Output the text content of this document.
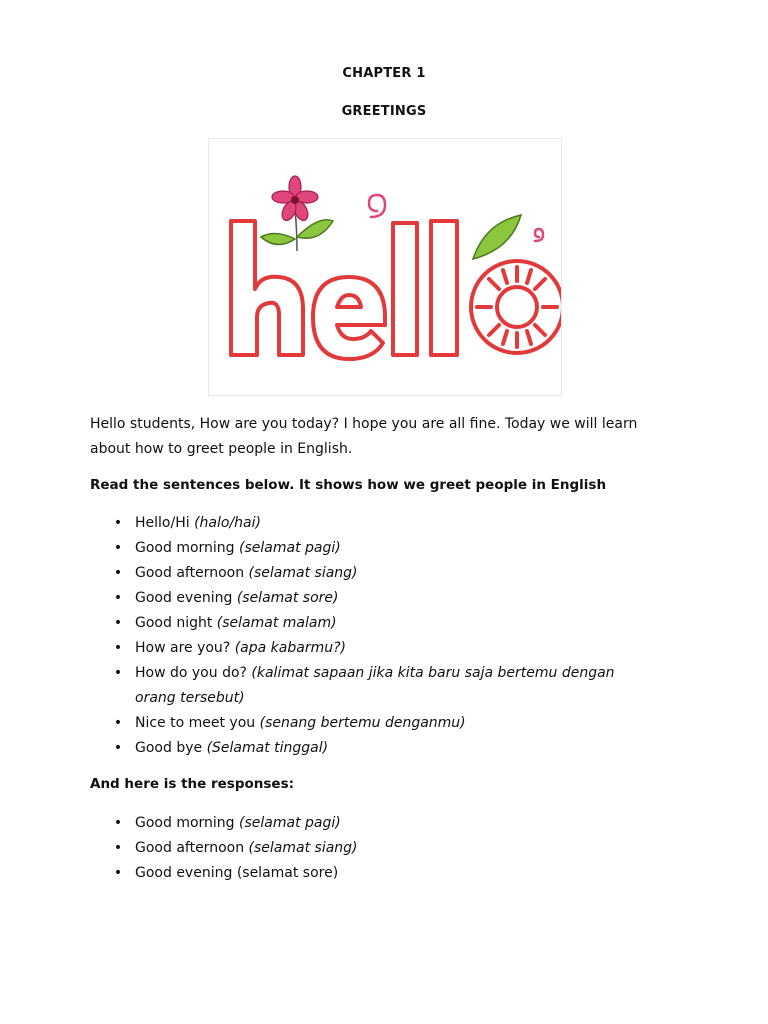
CHAPTER 1
GREETINGS
Hello students, How are you today? I hope you are all fine. Today we will learn about how to greet people in English.
Read the sentences below. It shows how we greet people in English
• Hello/Hi (halo/hai)
• Good morning (selamat pagi)
• Good afternoon (selamat siang)
• Good evening (selamat sore)
• Good night (selamat malam)
• How are you? (apa kabarmu?)
• How do you do? (kalimat sapaan jika kita baru saja bertemu dengan orang tersebut)
• Nice to meet you (senang bertemu denganmu)
• Good bye (Selamat tinggal)
And here is the responses:
• Good morning (selamat pagi)
• Good afternoon (selamat siang)
• Good evening (selamat sore)
